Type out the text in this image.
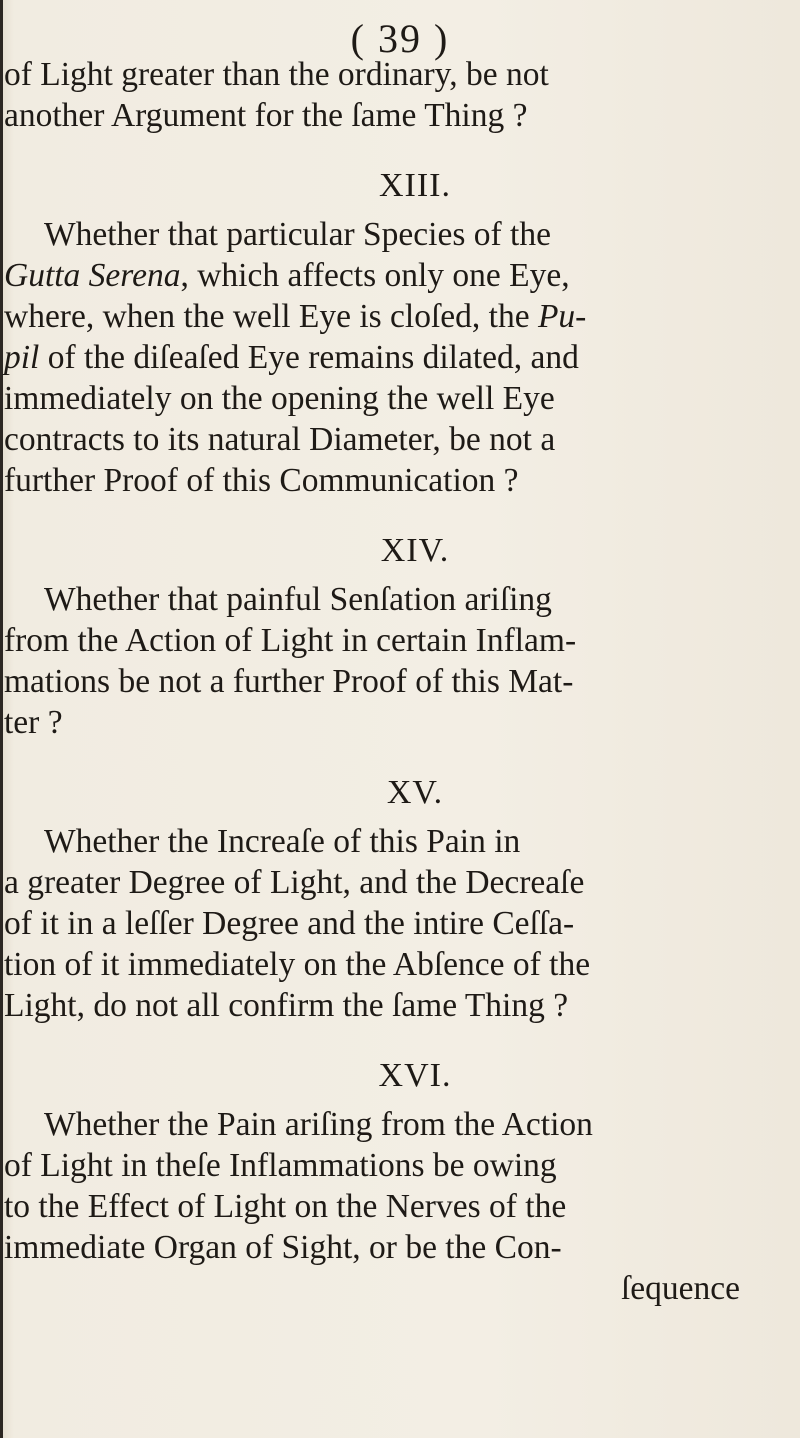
( 39 )
of Light greater than the ordinary, be not
another Argument for the ſame Thing ?
XIII.
Whether that particular Species of the
Gutta Serena, which affects only one Eye,
where, when the well Eye is cloſed, the Pu-
pil of the diſeaſed Eye remains dilated, and
immediately on the opening the well Eye
contracts to its natural Diameter, be not a
further Proof of this Communication ?
XIV.
Whether that painful Senſation ariſing
from the Action of Light in certain Inflam-
mations be not a further Proof of this Mat-
ter ?
XV.
Whether the Increaſe of this Pain in
a greater Degree of Light, and the Decreaſe
of it in a leſſer Degree and the intire Ceſſa-
tion of it immediately on the Abſence of the
Light, do not all confirm the ſame Thing ?
XVI.
Whether the Pain ariſing from the Action
of Light in theſe Inflammations be owing
to the Effect of Light on the Nerves of the
immediate Organ of Sight, or be the Con-
ſequence
